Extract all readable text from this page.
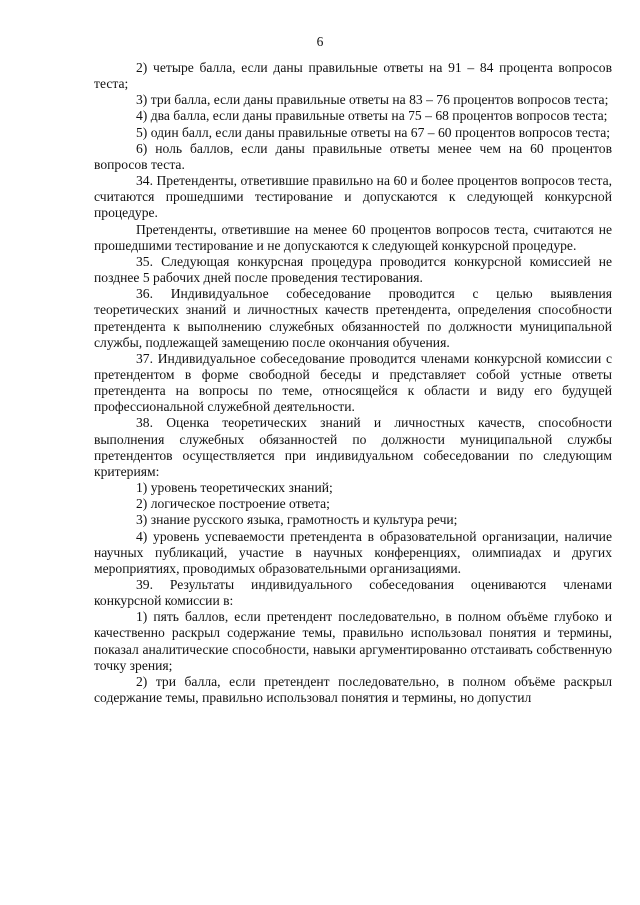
6

2) четыре балла, если даны правильные ответы на 91 – 84 процента вопросов теста;

3) три балла, если даны правильные ответы на 83 – 76 процентов вопросов теста;

4) два балла, если даны правильные ответы на 75 – 68 процентов вопросов теста;

5) один балл, если даны правильные ответы на 67 – 60 процентов вопросов теста;

6) ноль баллов, если даны правильные ответы менее чем на 60 процентов вопросов теста.

34. Претенденты, ответившие правильно на 60 и более процентов вопросов теста, считаются прошедшими тестирование и допускаются к следующей конкурсной процедуре.

Претенденты, ответившие на менее 60 процентов вопросов теста, считаются не прошедшими тестирование и не допускаются к следующей конкурсной процедуре.

35. Следующая конкурсная процедура проводится конкурсной комиссией не позднее 5 рабочих дней после проведения тестирования.

36. Индивидуальное собеседование проводится с целью выявления теоретических знаний и личностных качеств претендента, определения способности претендента к выполнению служебных обязанностей по должности муниципальной службы, подлежащей замещению после окончания обучения.

37. Индивидуальное собеседование проводится членами конкурсной комиссии с претендентом в форме свободной беседы и представляет собой устные ответы претендента на вопросы по теме, относящейся к области и виду его будущей профессиональной служебной деятельности.

38. Оценка теоретических знаний и личностных качеств, способности выполнения служебных обязанностей по должности муниципальной службы претендентов осуществляется при индивидуальном собеседовании по следующим критериям:

1) уровень теоретических знаний;

2) логическое построение ответа;

3) знание русского языка, грамотность и культура речи;

4) уровень успеваемости претендента в образовательной организации, наличие научных публикаций, участие в научных конференциях, олимпиадах и других мероприятиях, проводимых образовательными организациями.

39. Результаты индивидуального собеседования оцениваются членами конкурсной комиссии в:

1) пять баллов, если претендент последовательно, в полном объёме глубоко и качественно раскрыл содержание темы, правильно использовал понятия и термины, показал аналитические способности, навыки аргументированно отстаивать собственную точку зрения;

2) три балла, если претендент последовательно, в полном объёме раскрыл содержание темы, правильно использовал понятия и термины, но допустил
